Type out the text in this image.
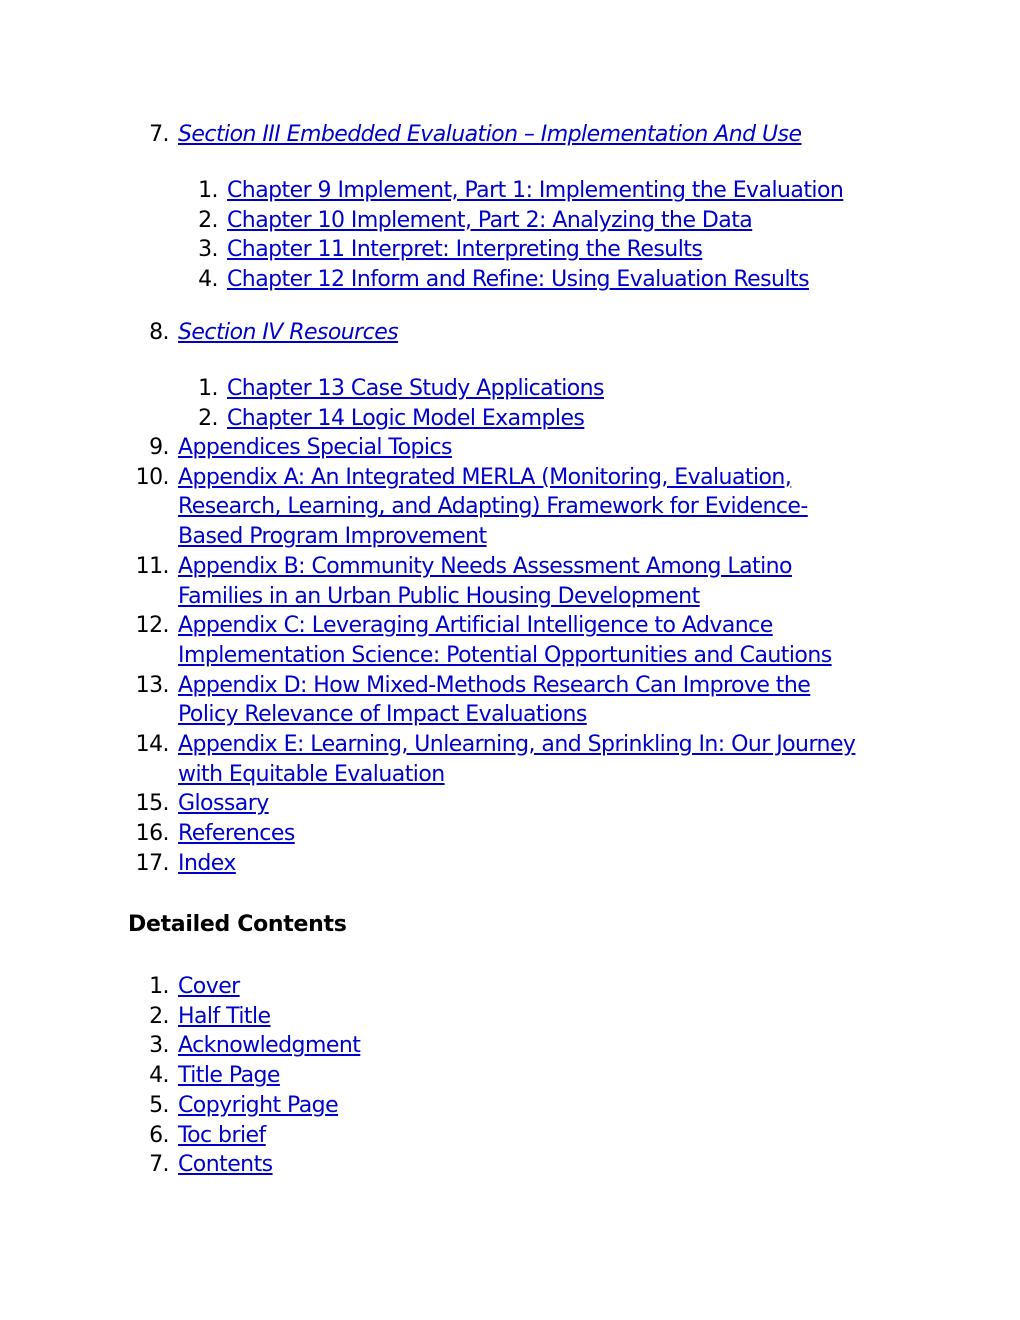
7. Section III Embedded Evaluation – Implementation And Use
1. Chapter 9 Implement, Part 1: Implementing the Evaluation
2. Chapter 10 Implement, Part 2: Analyzing the Data
3. Chapter 11 Interpret: Interpreting the Results
4. Chapter 12 Inform and Refine: Using Evaluation Results
8. Section IV Resources
1. Chapter 13 Case Study Applications
2. Chapter 14 Logic Model Examples
9. Appendices Special Topics
10. Appendix A: An Integrated MERLA (Monitoring, Evaluation, Research, Learning, and Adapting) Framework for Evidence-Based Program Improvement
11. Appendix B: Community Needs Assessment Among Latino Families in an Urban Public Housing Development
12. Appendix C: Leveraging Artificial Intelligence to Advance Implementation Science: Potential Opportunities and Cautions
13. Appendix D: How Mixed-Methods Research Can Improve the Policy Relevance of Impact Evaluations
14. Appendix E: Learning, Unlearning, and Sprinkling In: Our Journey with Equitable Evaluation
15. Glossary
16. References
17. Index
Detailed Contents
1. Cover
2. Half Title
3. Acknowledgment
4. Title Page
5. Copyright Page
6. Toc brief
7. Contents
